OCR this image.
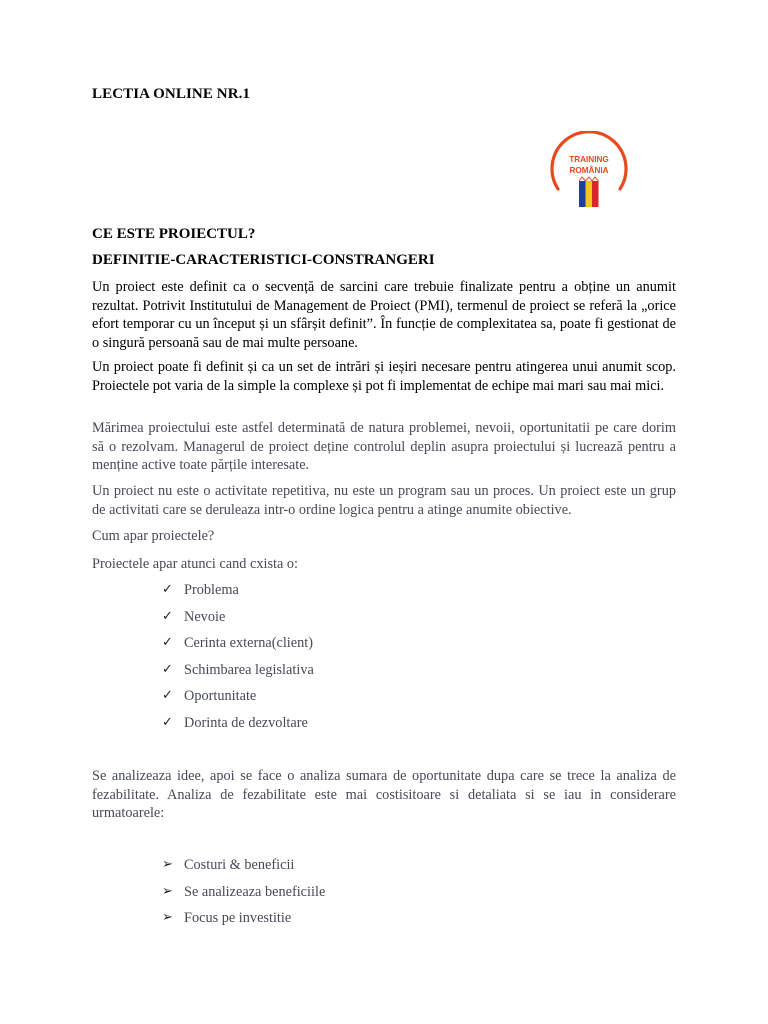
LECTIA ONLINE NR.1
TRAINING
ROMÂNIA
CE ESTE PROIECTUL?
DEFINITIE-CARACTERISTICI-CONSTRANGERI
Un proiect este definit ca o secvență de sarcini care trebuie finalizate pentru a obține un anumit rezultat. Potrivit Institutului de Management de Proiect (PMI), termenul de proiect se referă la „orice efort temporar cu un început și un sfârșit definit”. În funcție de complexitatea sa, poate fi gestionat de o singură persoană sau de mai multe persoane.
Un proiect poate fi definit și ca un set de intrări și ieșiri necesare pentru atingerea unui anumit scop. Proiectele pot varia de la simple la complexe și pot fi implementat de echipe mai mari sau mai mici.
Mărimea proiectului este astfel determinată de natura problemei, nevoii, oportunitatii pe care dorim să o rezolvam. Managerul de proiect deține controlul deplin asupra proiectului și lucrează pentru a menține active toate părțile interesate.
Un proiect nu este o activitate repetitiva, nu este un program sau un proces. Un proiect este un grup de activitati care se deruleaza intr-o ordine logica pentru a atinge anumite obiective.
Cum apar proiectele?
Proiectele apar atunci cand cxista o:
✓ Problema
✓ Nevoie
✓ Cerinta externa(client)
✓ Schimbarea legislativa
✓ Oportunitate
✓ Dorinta de dezvoltare
Se analizeaza idee, apoi se face o analiza sumara de oportunitate dupa care se trece la analiza de fezabilitate. Analiza de fezabilitate este mai costisitoare si detaliata si se iau in considerare urmatoarele:
➢ Costuri & beneficii
➢ Se analizeaza beneficiile
➢ Focus pe investitie
